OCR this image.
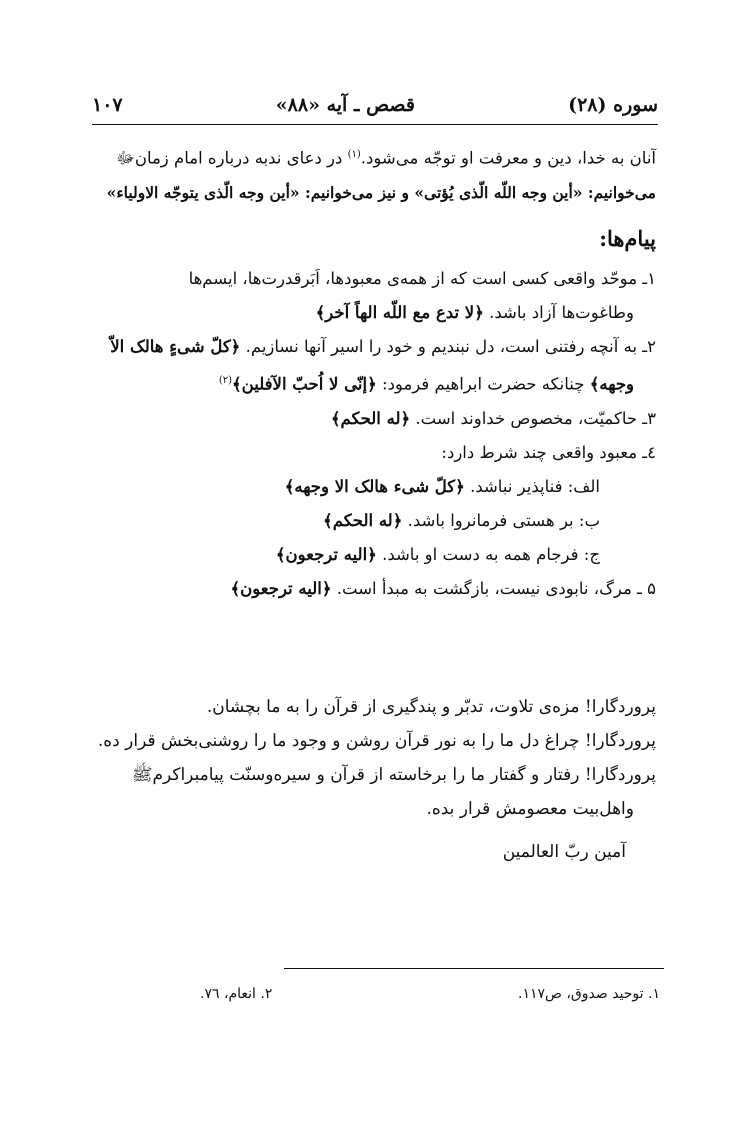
سوره (۲۸)
قصص ـ آیه «۸۸»
۱۰۷
آنان به خدا، دین و معرفت او توجّه می‌شود.$^{(۱)}$ در دعای ندبه درباره امام زمانﷻ
می‌خوانیم: «أین وجه اللّه الّذی یُؤتی» و نیز می‌خوانیم: «أین وجه الّذی یتوجّه الاولیاء»
پیام‌ها:
۱ـ موحّد واقعی کسی است که از همه‌ی معبودها، اَبَرقدرت‌ها، ایسم‌ها
وطاغوت‌ها آزاد باشد. ﴿لا تدع مع اللّه الهاً آخر﴾
۲ـ به آنچه رفتنی است، دل نبندیم و خود را اسیر آنها نسازیم. ﴿کلّ شیءٍ هالک الاّ
وجهه﴾ چنانکه حضرت ابراهیم فرمود: ﴿إنّی لا اُحبّ الآفلین﴾$^{(۲)}$
۳ـ حاکمیّت، مخصوص خداوند است. ﴿له الحکم﴾
٤ـ معبود واقعی چند شرط دارد:
الف: فناپذیر نباشد. ﴿کلّ شیء هالک الا وجهه﴾
ب: بر هستی فرمانروا باشد. ﴿له الحکم﴾
ج: فرجام همه به دست او باشد. ﴿الیه ترجعون﴾
۵ ـ مرگ، نابودی نیست، بازگشت به مبدأ است. ﴿الیه ترجعون﴾

پروردگارا! مزه‌ی تلاوت، تدبّر و پندگیری از قرآن را به ما بچشان.

پروردگارا! چراغ دل ما را به نور قرآن روشن و وجود ما را روشنی‌بخش قرار ده.

پروردگارا! رفتار و گفتار ما را برخاسته از قرآن و سیره‌وسنّت پیامبراکرمﷺ

واهل‌بیت معصومش قرار بده.

آمین ربّ العالمین
۱. توحید صدوق، ص۱۱۷.
۲. انعام، ۷٦.
